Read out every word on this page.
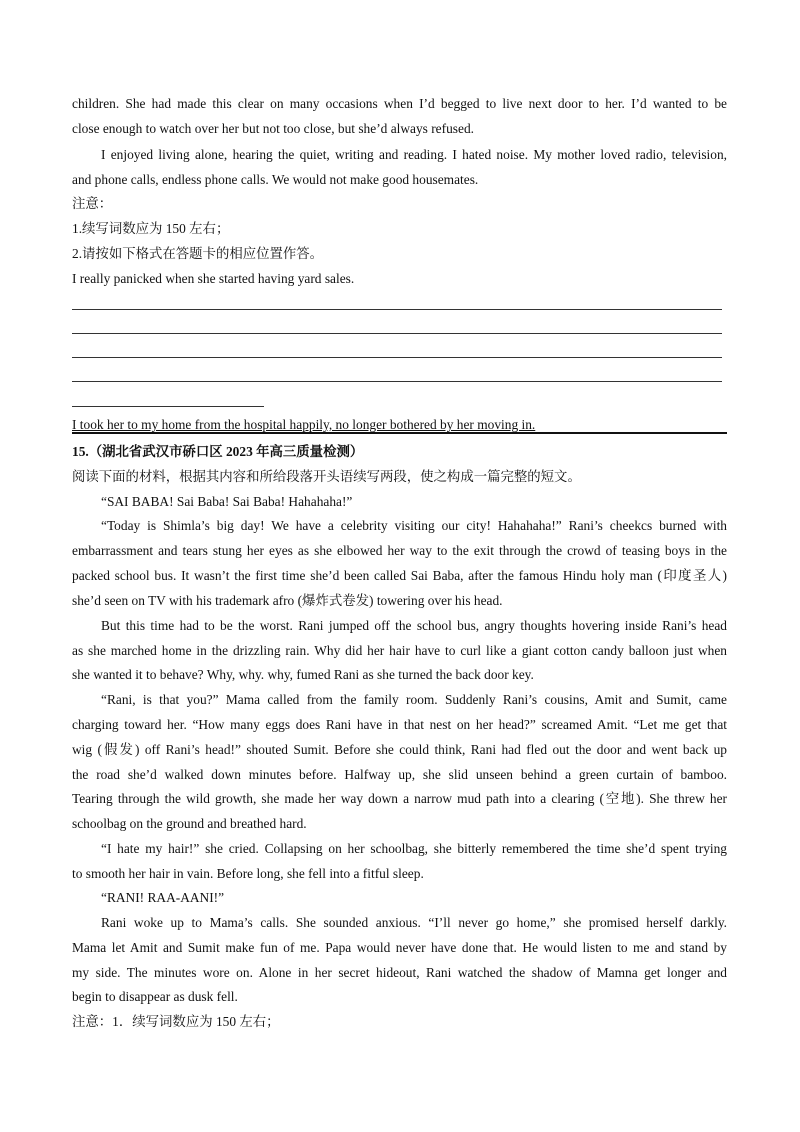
children. She had made this clear on many occasions when I’d begged to live next door to her. I’d wanted to be
close enough to watch over her but not too close, but she’d always refused.
I enjoyed living alone, hearing the quiet, writing and reading. I hated noise. My mother loved radio, television,
and phone calls, endless phone calls. We would not make good housemates.
注意：
1.续写词数应为 150 左右；
2.请按如下格式在答题卡的相应位置作答。
I really panicked when she started having yard sales.
I took her to my home from the hospital happily, no longer bothered by her moving in.
15.（湖北省武汉市硚口区 2023 年高三质量检测）
阅读下面的材料，根据其内容和所给段落开头语续写两段，使之构成一篇完整的短文。
“SAI BABA! Sai Baba! Sai Baba! Hahahaha!”
“Today is Shimla’s big day! We have a celebrity visiting our city! Hahahaha!” Rani’s cheekcs burned with
embarrassment and tears stung her eyes as she elbowed her way to the exit through the crowd of teasing boys in the
packed school bus. It wasn’t the first time she’d been called Sai Baba, after the famous Hindu holy man (印度圣人)
she’d seen on TV with his trademark afro (爆炸式卷发) towering over his head.
But this time had to be the worst. Rani jumped off the school bus, angry thoughts hovering inside Rani’s head
as she marched home in the drizzling rain. Why did her hair have to curl like a giant cotton candy balloon just when
she wanted it to behave? Why, why. why, fumed Rani as she turned the back door key.
“Rani, is that you?” Mama called from the family room. Suddenly Rani’s cousins, Amit and Sumit, came
charging toward her. “How many eggs does Rani have in that nest on her head?” screamed Amit. “Let me get that
wig (假发) off Rani’s head!” shouted Sumit. Before she could think, Rani had fled out the door and went back up
the road she’d walked down minutes before. Halfway up, she slid unseen behind a green curtain of bamboo.
Tearing through the wild growth, she made her way down a narrow mud path into a clearing (空地). She threw her
schoolbag on the ground and breathed hard.
“I hate my hair!” she cried. Collapsing on her schoolbag, she bitterly remembered the time she’d spent trying
to smooth her hair in vain. Before long, she fell into a fitful sleep.
“RANI! RAA-AANI!”
Rani woke up to Mama’s calls. She sounded anxious. “I’ll never go home,” she promised herself darkly.
Mama let Amit and Sumit make fun of me. Papa would never have done that. He would listen to me and stand by
my side. The minutes wore on. Alone in her secret hideout, Rani watched the shadow of Mamna get longer and
begin to disappear as dusk fell.
注意：1．续写词数应为 150 左右；
